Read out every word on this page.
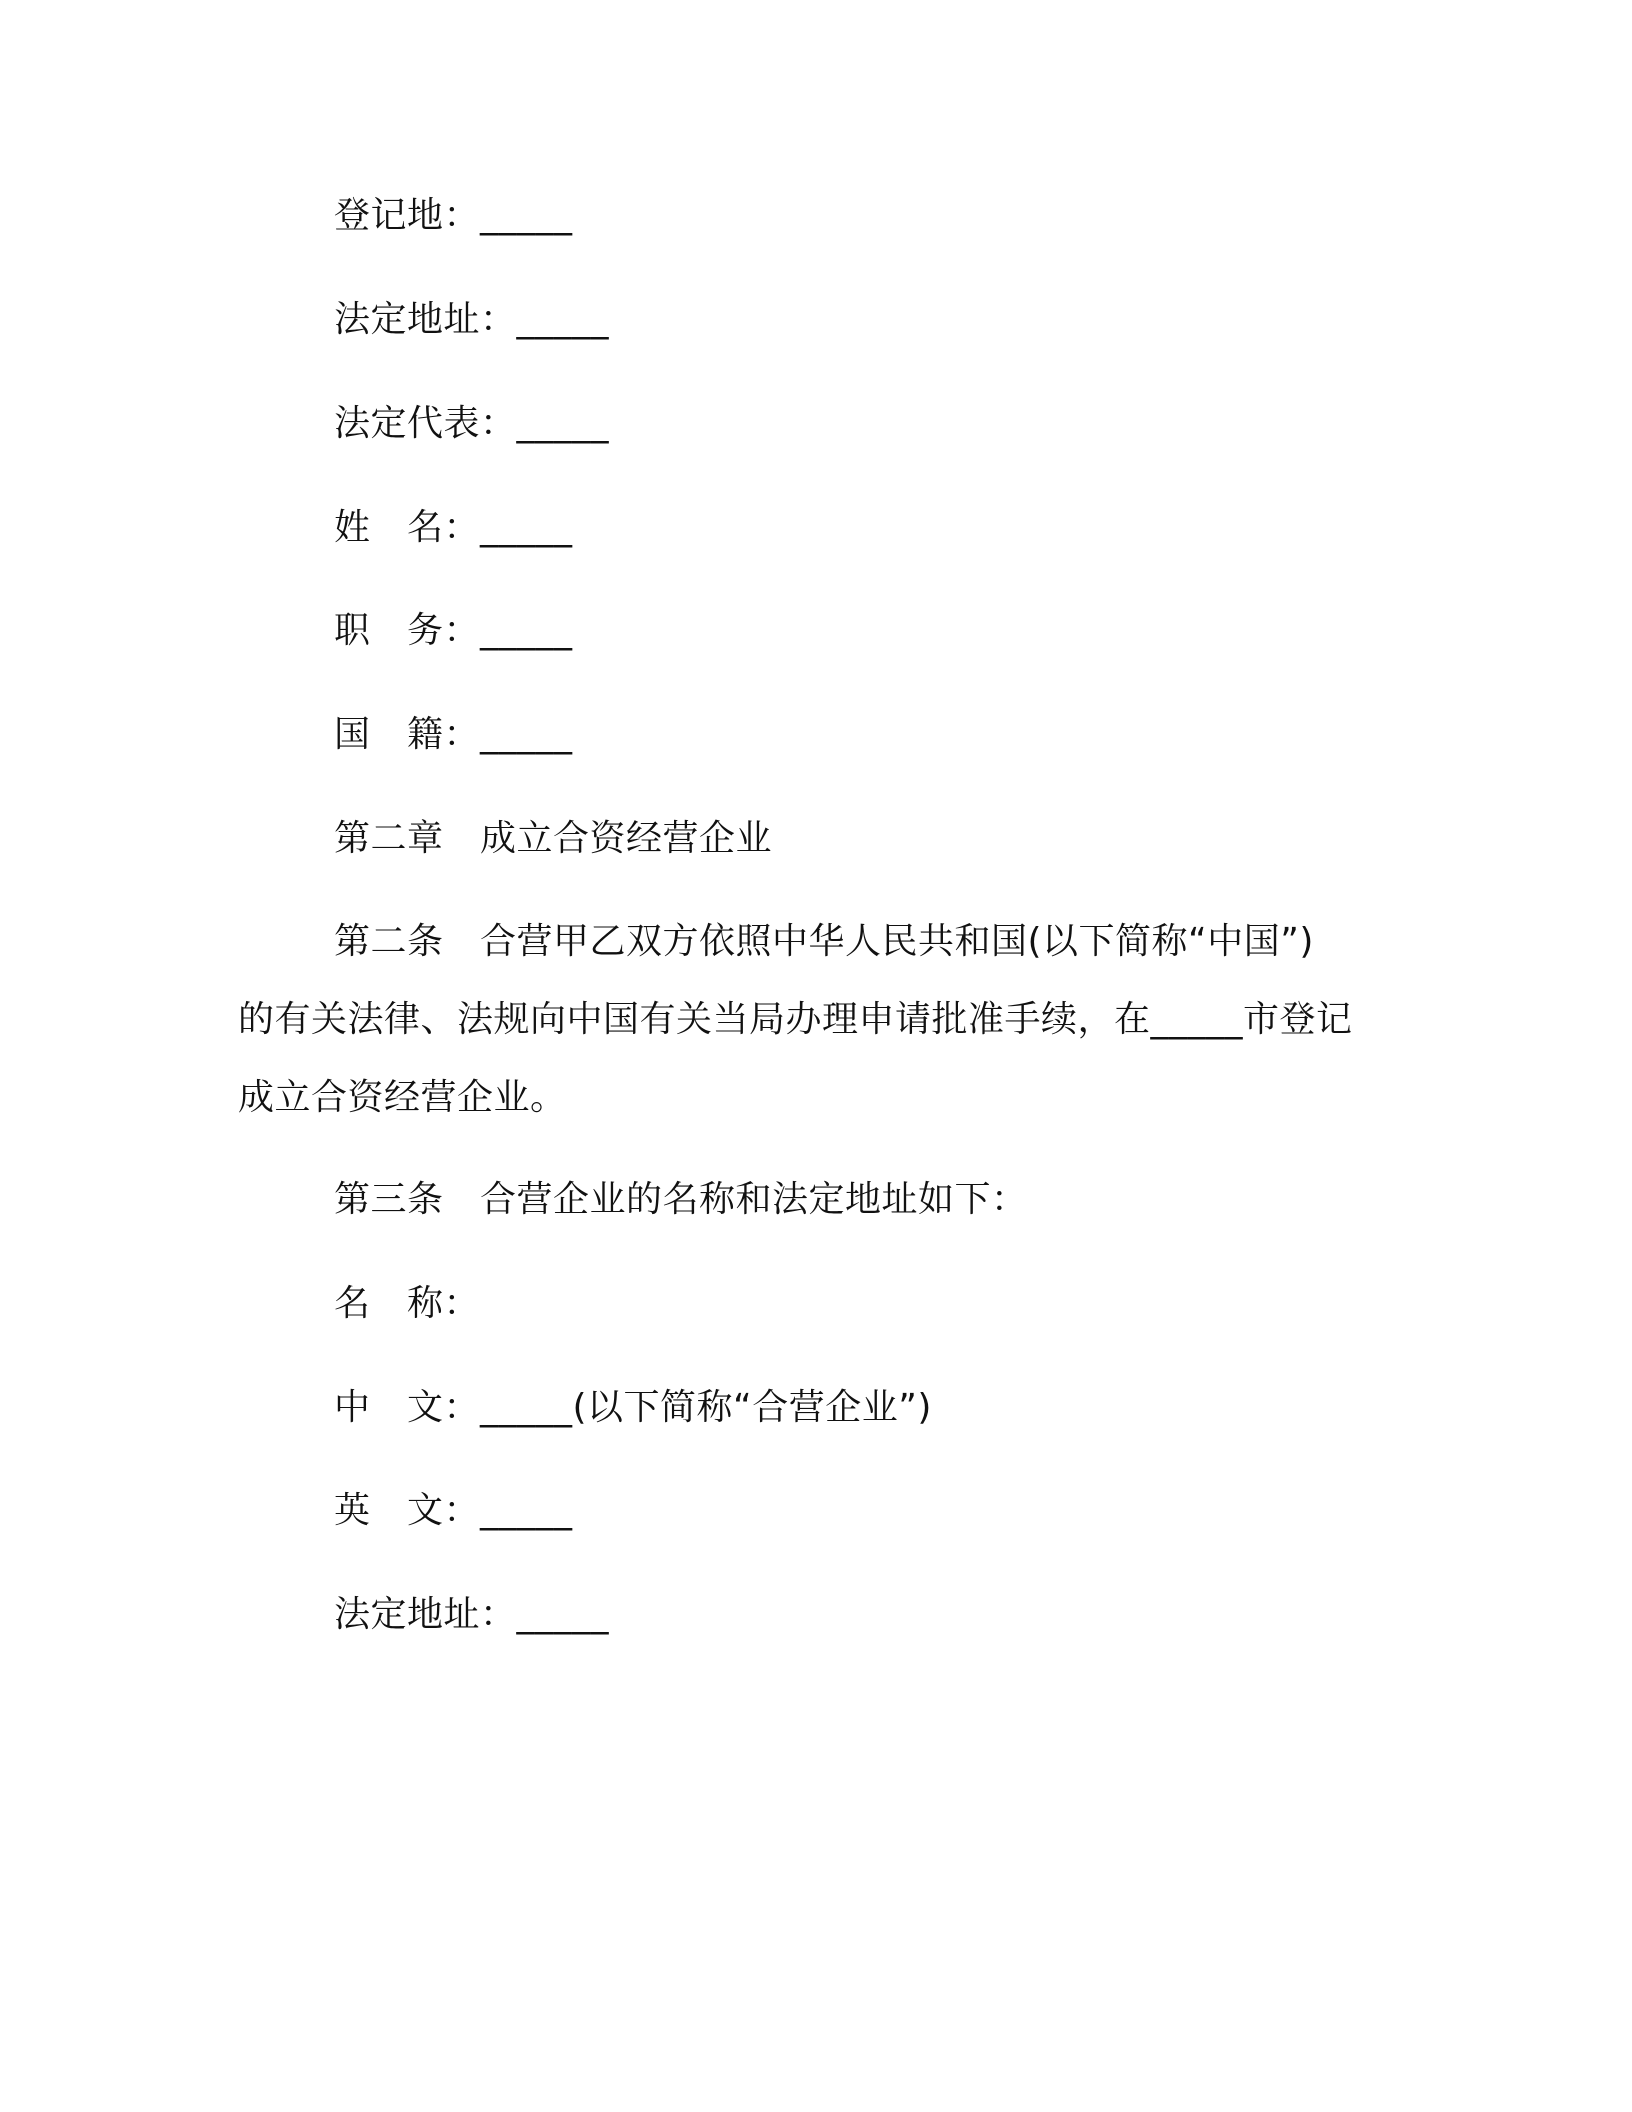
登记地：_____
法定地址：_____
法定代表：_____
姓　名：_____
职　务：_____
国　籍：_____
第二章　成立合资经营企业
第二条　合营甲乙双方依照中华人民共和国(以下简称“中国”)
的有关法律、法规向中国有关当局办理申请批准手续，在_____市登记
成立合资经营企业。
第三条　合营企业的名称和法定地址如下：
名　称：
中　文：_____(以下简称“合营企业”)
英　文：_____
法定地址：_____
